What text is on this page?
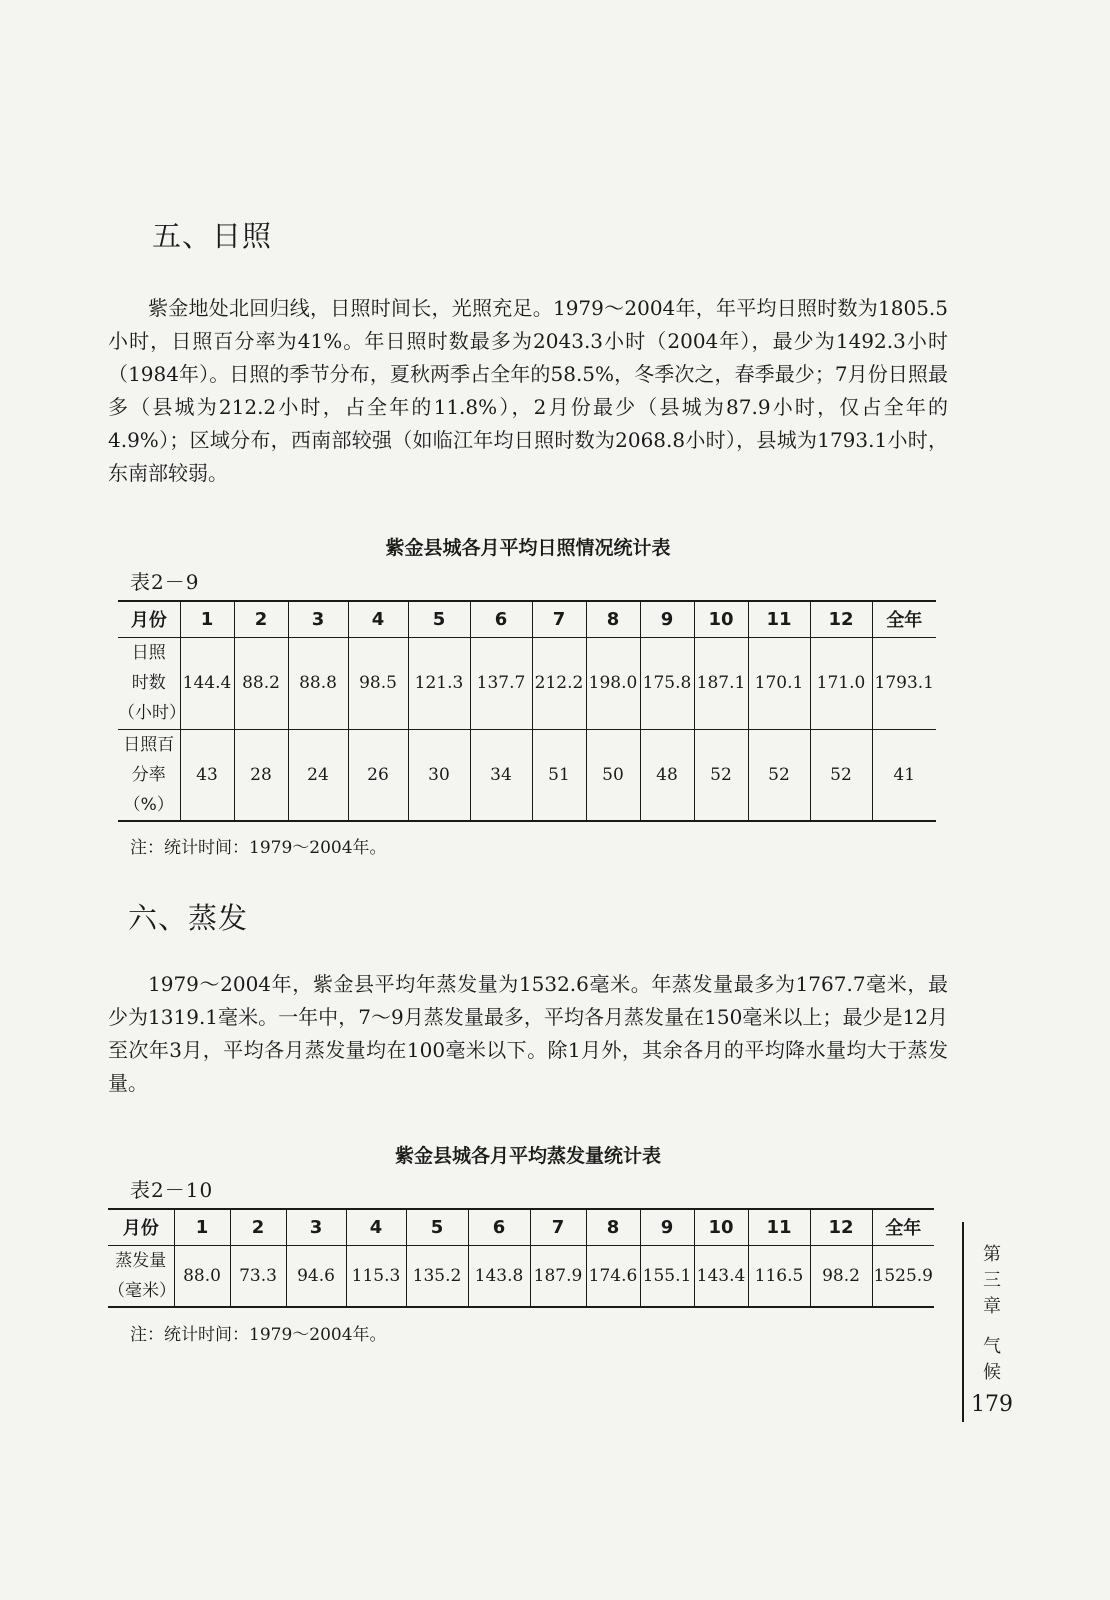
五、日照

紫金地处北回归线，日照时间长，光照充足。1979～2004年，年平均日照时数为1805.5小时，日照百分率为41%。年日照时数最多为2043.3小时（2004年），最少为1492.3小时（1984年）。日照的季节分布，夏秋两季占全年的58.5%，冬季次之，春季最少；7月份日照最多（县城为212.2小时，占全年的11.8%），2月份最少（县城为87.9小时，仅占全年的4.9%）；区域分布，西南部较强（如临江年均日照时数为2068.8小时），县城为1793.1小时，东南部较弱。

紫金县城各月平均日照情况统计表
表2－9
月份	1	2	3	4	5	6	7	8	9	10	11	12	全年

日照
时数
（小时）	144.4	88.2	88.8	98.5	121.3	137.7	212.2	198.0	175.8	187.1	170.1	171.0	1793.1

日照百
分率
（%）	43	28	24	26	30	34	51	50	48	52	52	52	41
注：统计时间：1979～2004年。
六、蒸发

1979～2004年，紫金县平均年蒸发量为1532.6毫米。年蒸发量最多为1767.7毫米，最少为1319.1毫米。一年中，7～9月蒸发量最多，平均各月蒸发量在150毫米以上；最少是12月至次年3月，平均各月蒸发量均在100毫米以下。除1月外，其余各月的平均降水量均大于蒸发量。

紫金县城各月平均蒸发量统计表
表2－10
月份	1	2	3	4	5	6	7	8	9	10	11	12	全年

蒸发量
（毫米）	88.0	73.3	94.6	115.3	135.2	143.8	187.9	174.6	155.1	143.4	116.5	98.2	1525.9
注：统计时间：1979～2004年。
第
三
章
气
候
179
